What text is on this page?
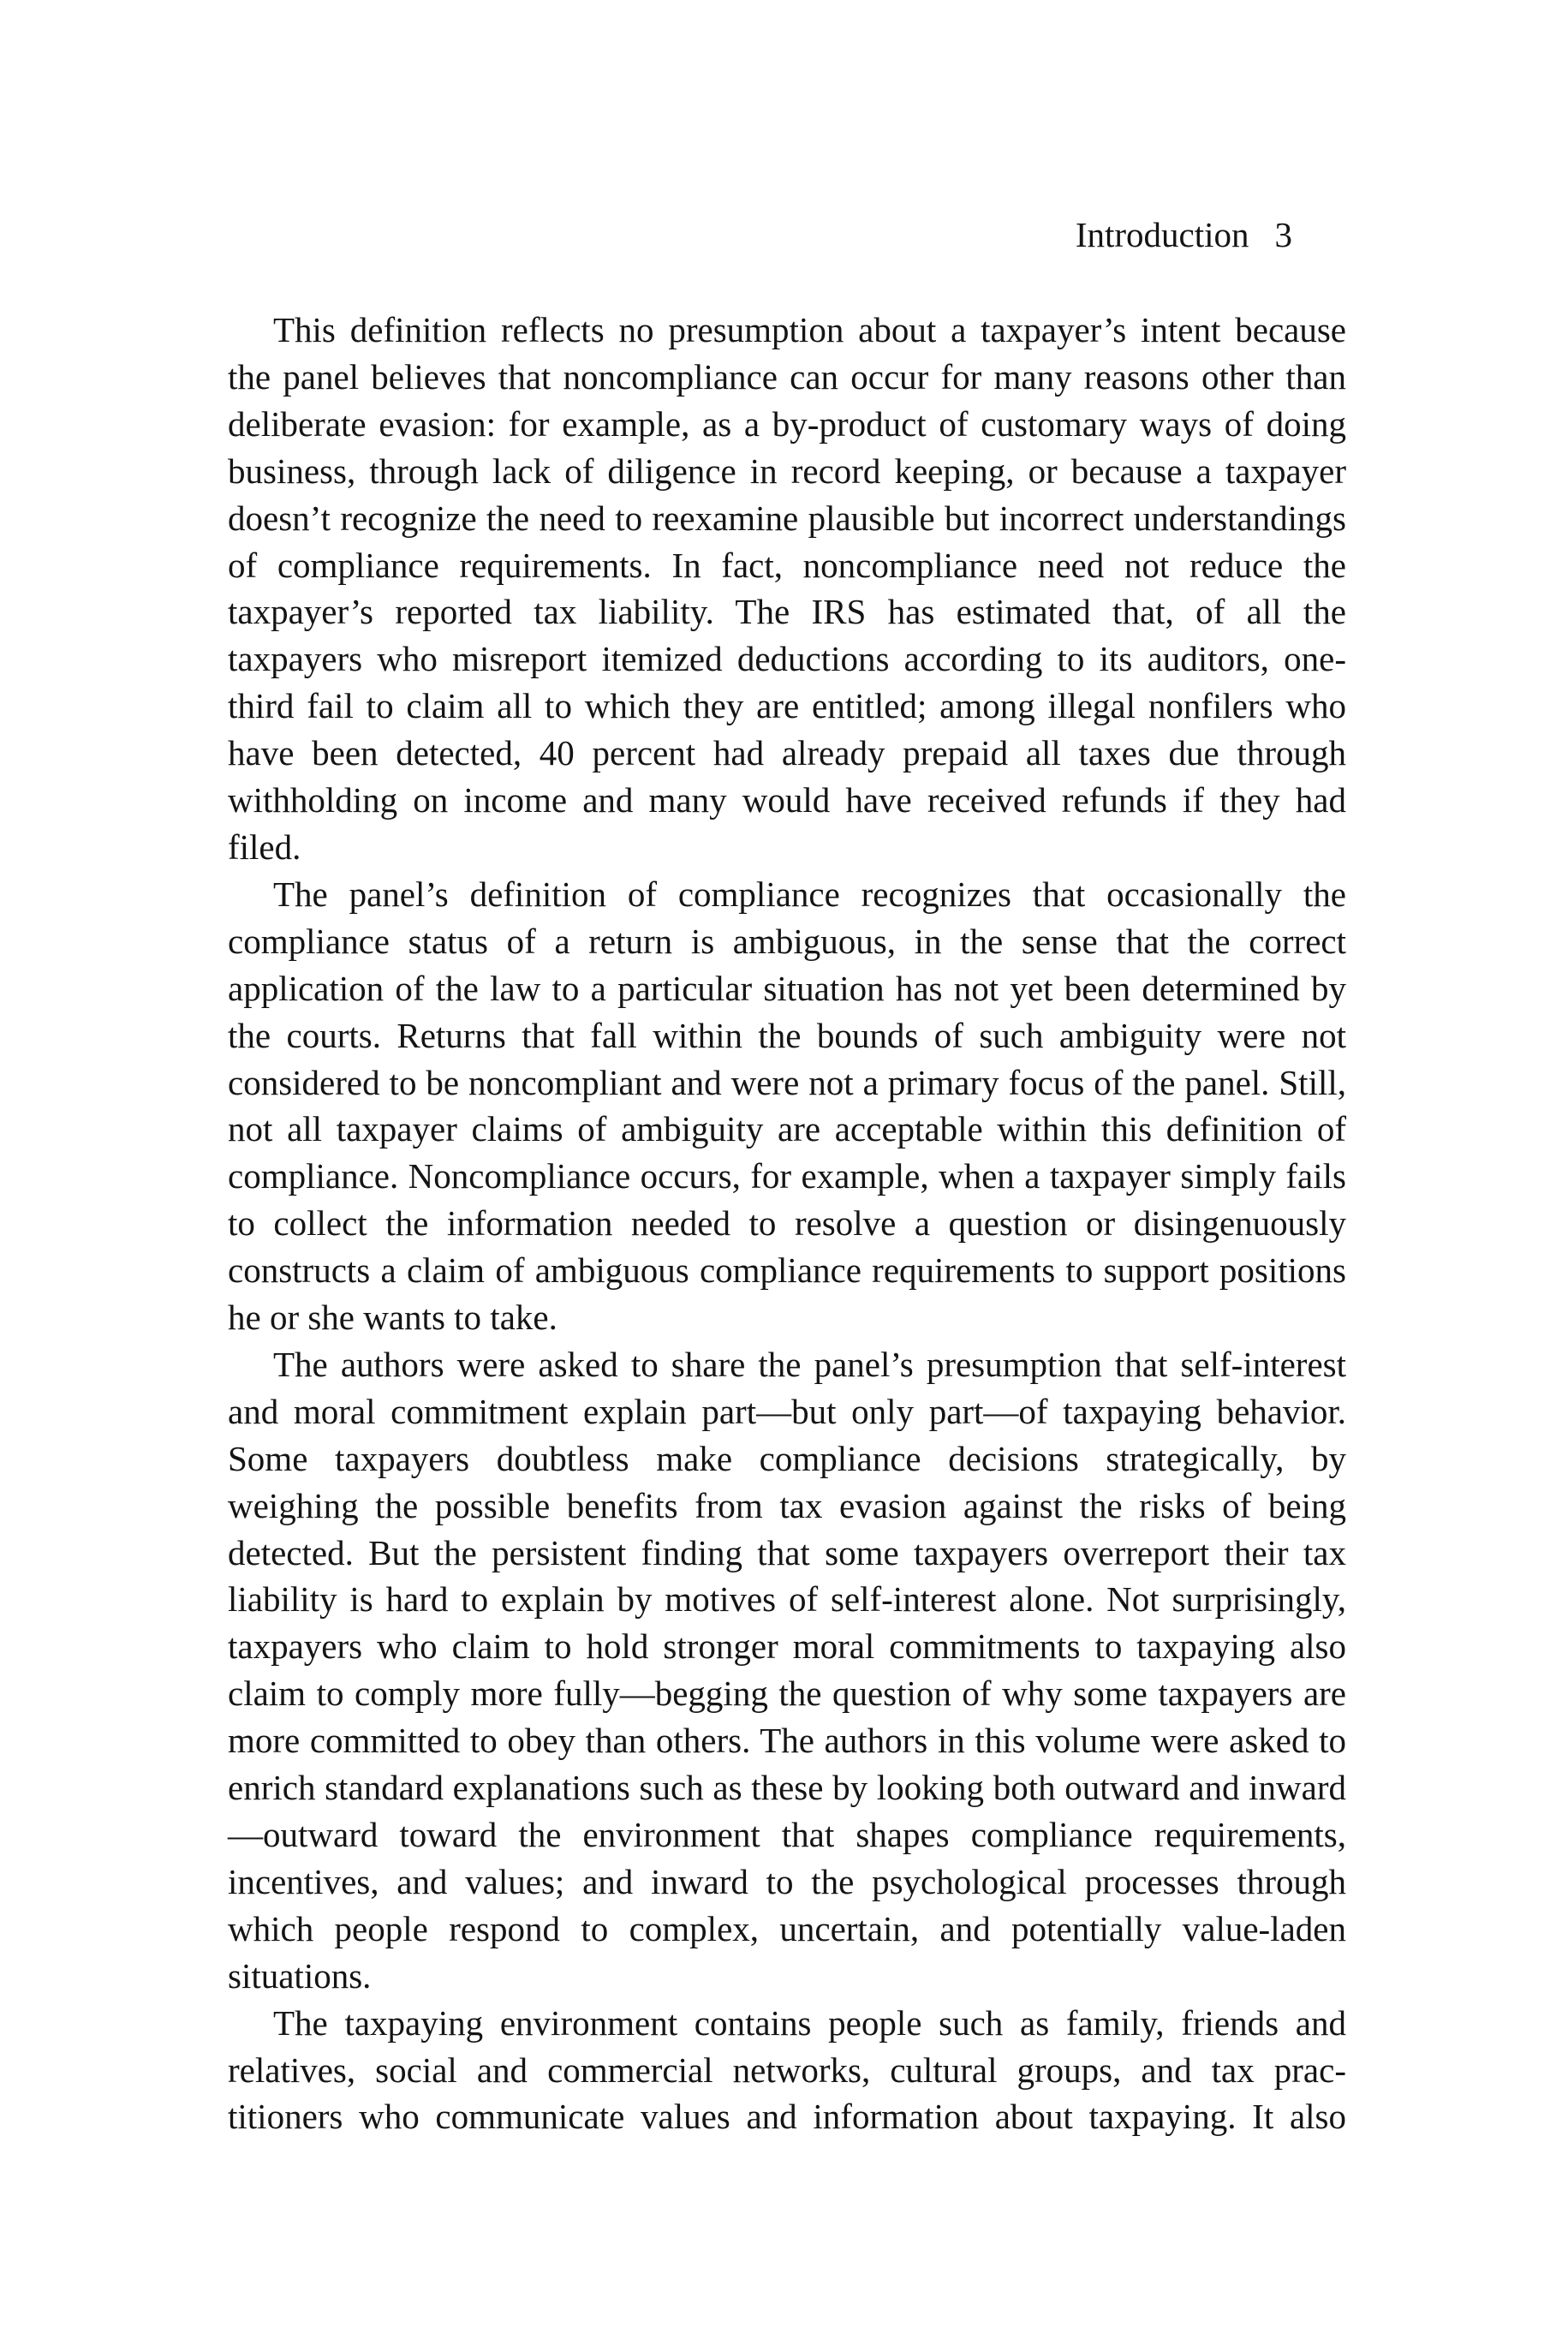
Introduction 3

This definition reflects no presumption about a taxpayer’s intent because the panel believes that noncompliance can occur for many reasons other than deliberate evasion: for example, as a by-product of customary ways of doing business, through lack of diligence in record keeping, or because a taxpayer doesn’t recognize the need to reexamine plausible but incorrect understandings of compliance requirements. In fact, noncompliance need not reduce the taxpayer’s reported tax liability. The IRS has estimated that, of all the taxpayers who misreport itemized deductions according to its auditors, one-third fail to claim all to which they are entitled; among illegal nonfilers who have been detected, 40 percent had already prepaid all taxes due through withholding on income and many would have received refunds if they had filed.

The panel’s definition of compliance recognizes that occasionally the compliance status of a return is ambiguous, in the sense that the correct application of the law to a particular situation has not yet been determined by the courts. Returns that fall within the bounds of such ambiguity were not considered to be noncompliant and were not a primary focus of the panel. Still, not all taxpayer claims of ambiguity are acceptable within this definition of compliance. Noncompliance occurs, for example, when a taxpayer simply fails to collect the information needed to resolve a question or disingenuously constructs a claim of ambiguous compliance requirements to support positions he or she wants to take.

The authors were asked to share the panel’s presumption that self-interest and moral commitment explain part—but only part—of taxpaying behavior. Some taxpayers doubtless make compliance decisions strategically, by weighing the possible benefits from tax evasion against the risks of being detected. But the persistent finding that some taxpayers overreport their tax liability is hard to explain by motives of self-interest alone. Not surprisingly, taxpayers who claim to hold stronger moral commitments to taxpaying also claim to comply more fully—begging the question of why some taxpayers are more committed to obey than others. The authors in this volume were asked to enrich standard explanations such as these by looking both outward and inward—outward toward the environment that shapes compliance requirements, incentives, and values; and inward to the psychological processes through which people respond to complex, uncertain, and potentially value-laden situations.

The taxpaying environment contains people such as family, friends and relatives, social and commercial networks, cultural groups, and tax practitioners who communicate values and information about taxpaying. It also
